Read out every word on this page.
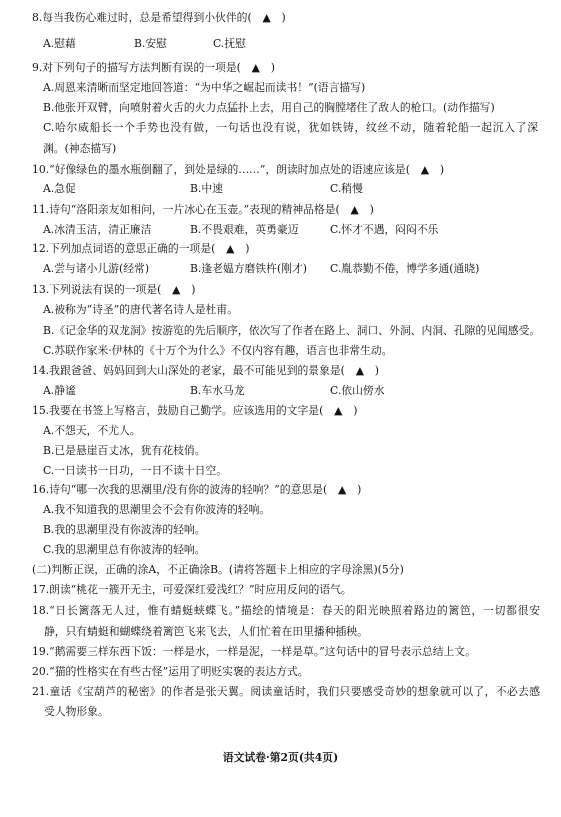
8.每当我伤心难过时，总是希望得到小伙伴的(　▲　)
A.慰藉	B.安慰	C.抚慰
9.对下列句子的描写方法判断有误的一项是(　▲　)
A.周恩来清晰而坚定地回答道：“为中华之崛起而读书！”(语言描写)
B.他张开双臂，向喷射着火舌的火力点猛扑上去，用自己的胸膛堵住了敌人的枪口。(动作描写)
C.哈尔威船长一个手势也没有做，一句话也没有说，犹如铁铸，纹丝不动，随着轮船一起沉入了深
渊。(神态描写)
10.“好像绿色的墨水瓶倒翻了，到处是绿的……”，朗读时加点处的语速应该是(　▲　)
A.急促	B.中速	C.稍慢
11.诗句“洛阳亲友如相问，一片冰心在玉壶。”表现的精神品格是(　▲　)
A.冰清玉洁，清正廉洁	B.不畏艰难，英勇豪迈	C.怀才不遇，闷闷不乐
12.下列加点词语的意思正确的一项是(　▲　)
A.尝与诸小儿游(经常)	B.逢老媪方磨铁杵(刚才) C.胤恭勤不倦，博学多通(通晓)
13.下列说法有误的一项是(　▲　)
A.被称为“诗圣”的唐代著名诗人是杜甫。
B.《记金华的双龙洞》按游览的先后顺序，依次写了作者在路上、洞口、外洞、内洞、孔隙的见闻感受。
C.苏联作家米·伊林的《十万个为什么》不仅内容有趣，语言也非常生动。
14.我跟爸爸、妈妈回到大山深处的老家，最不可能见到的景象是(　▲　)
A.静谧	B.车水马龙	C.依山傍水
15.我要在书签上写格言，鼓励自己勤学。应该选用的文字是(　▲　)
A.不怨天，不尤人。
B.已是悬崖百丈冰，犹有花枝俏。
C.一日读书一日功，一日不读十日空。
16.诗句“哪一次我的思潮里/没有你的波涛的轻响？”的意思是(　▲　)
A.我不知道我的思潮里会不会有你波涛的轻响。
B.我的思潮里没有你波涛的轻响。
C.我的思潮里总有你波涛的轻响。
(二)判断正误，正确的涂A，不正确涂B。(请将答题卡上相应的字母涂黑)(5分)
17.朗读“桃花一簇开无主，可爱深红爱浅红？”时应用反问的语气。
18.“日长篱落无人过，惟有蜻蜓蛱蝶飞。”描绘的情境是：春天的阳光映照着路边的篱笆，一切都很安
静，只有蜻蜓和蝴蝶绕着篱笆飞来飞去，人们忙着在田里播种插秧。
19.“鹅需要三样东西下饭：一样是水，一样是泥，一样是草。”这句话中的冒号表示总结上文。
20.“猫的性格实在有些古怪”运用了明贬实褒的表达方式。
21.童话《宝葫芦的秘密》的作者是张天翼。阅读童话时，我们只要感受奇妙的想象就可以了，不必去感
受人物形象。
语文试卷·第2页(共4页)
